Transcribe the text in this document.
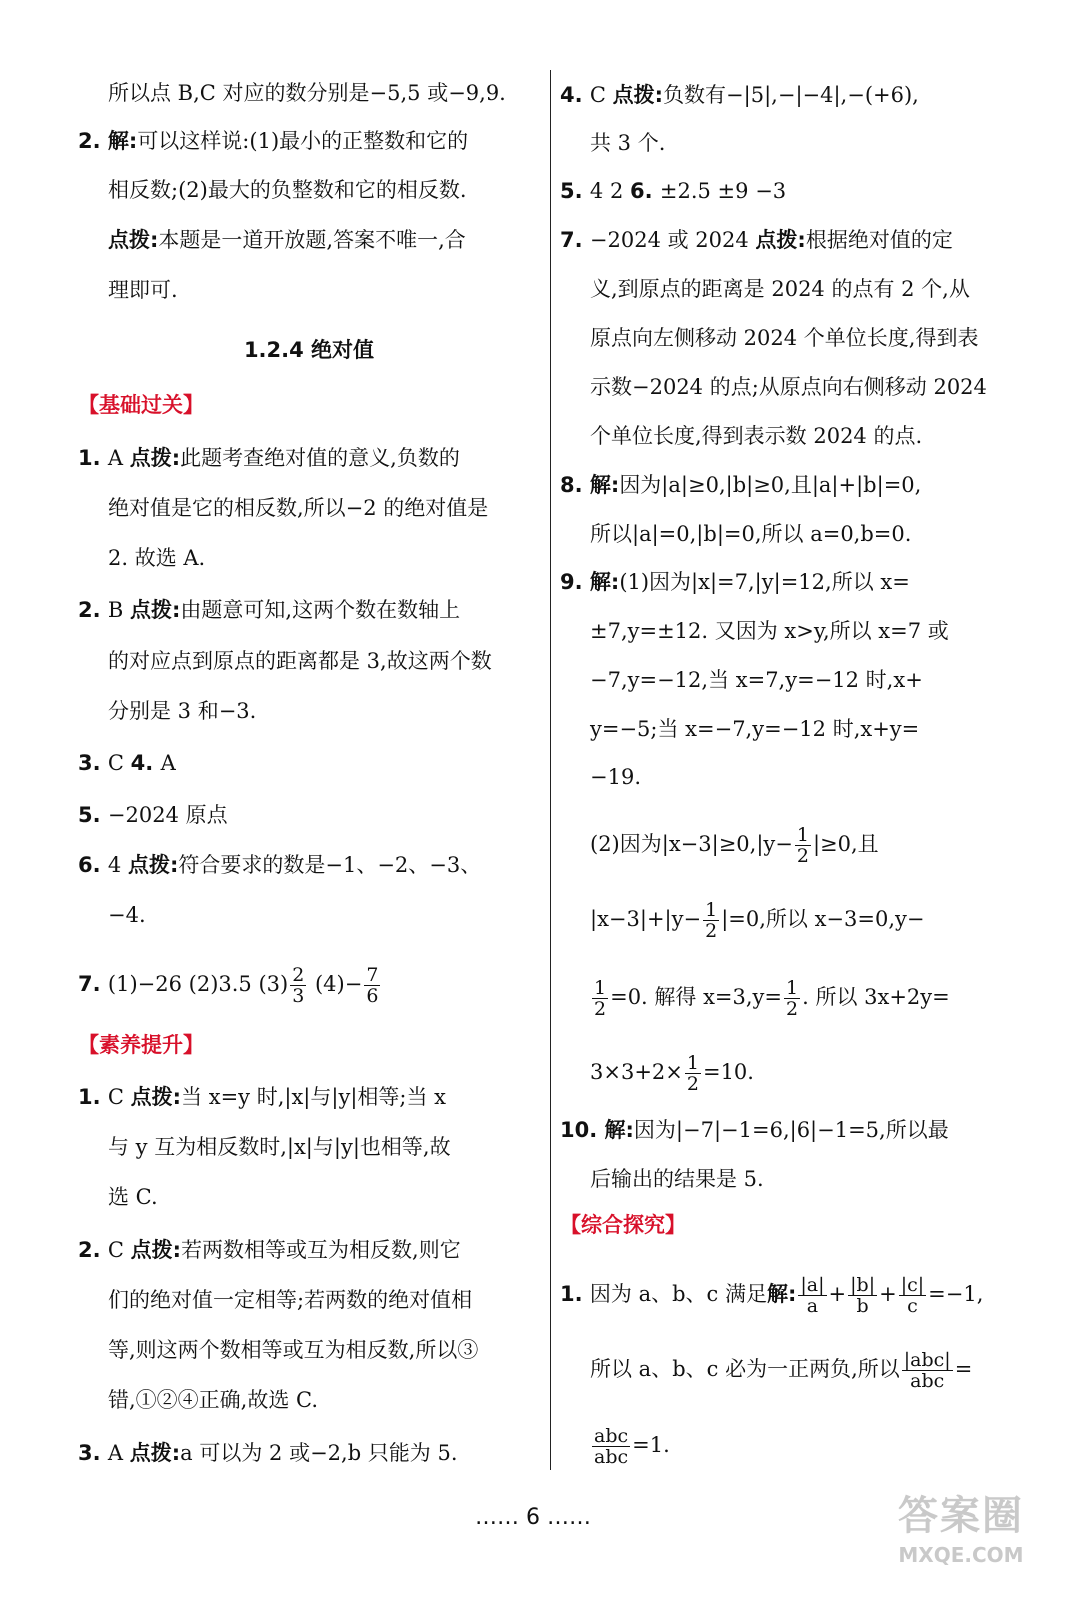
所以点 B,C 对应的数分别是−5,5 或−9,9.
2. 解:可以这样说:(1)最小的正整数和它的
相反数;(2)最大的负整数和它的相反数.
点拨:本题是一道开放题,答案不唯一,合
理即可.
1.2.4 绝对值
【基础过关】
1. A 点拨:此题考查绝对值的意义,负数的
绝对值是它的相反数,所以−2 的绝对值是
2. 故选 A.
2. B 点拨:由题意可知,这两个数在数轴上
的对应点到原点的距离都是 3,故这两个数
分别是 3 和−3.
3. C 4. A
5. −2024 原点
6. 4 点拨:符合要求的数是−1、−2、−3、
−4.
7. (1)−26 (2)3.5 $(3) \frac{2}{3} (4)- \frac{7}{6}$
【素养提升】
1. C 点拨:当 x=y 时,|x|与|y|相等;当 x
与 y 互为相反数时,|x|与|y|也相等,故
选 C.
2. C 点拨:若两数相等或互为相反数,则它
们的绝对值一定相等;若两数的绝对值相
等,则这两个数相等或互为相反数,所以③
错,①②④正确,故选 C.
3. A 点拨:a 可以为 2 或−2,b 只能为 5.
4. C 点拨:负数有−|5|,−|−4|,−(+6),
共 3 个.
5. 4 2 6. ±2.5 ±9 −3
7. −2024 或 2024 点拨:根据绝对值的定
义,到原点的距离是 2024 的点有 2 个,从
原点向左侧移动 2024 个单位长度,得到表
示数−2024 的点;从原点向右侧移动 2024
个单位长度,得到表示数 2024 的点.
8. 解:因为|a|≥0,|b|≥0,且|a|+|b|=0,
所以|a|=0,|b|=0,所以 a=0,b=0.
9. 解:(1)因为|x|=7,|y|=12,所以 x=
±7,y=±12. 又因为 x>y,所以 x=7 或
−7,y=−12,当 x=7,y=−12 时,x+
y=−5;当 x=−7,y=−12 时,x+y=
−19.
(2)因为$|x-3|\ge 0,|y- \frac{1}{2} |\ge 0$,且
$|x-3|+|y- \frac{1}{2} |=0$,所以 x−3=0,y−
$\frac{1}{2} =0$. 解得 $x=3,y= \frac{1}{2}$ . 所以 3x+2y=
$3\times 3+2\times \frac{1}{2} =10$.
10. 解:因为|−7|−1=6,|6|−1=5,所以最
后输出的结果是 5.
【综合探究】
1. 因为 a、b、c 满足解: $\frac{|a|}{a} + \frac{|b|}{b} + \frac{|c|}{c} =-1$,
所以 a、b、c 必为一正两负,所以 $\frac{\text{|abc|}}{\text{abc}}$ =
$\frac{\text{abc}}{\text{abc}} =1$.
…… 6 ……	答案圈
MXQE.COM
